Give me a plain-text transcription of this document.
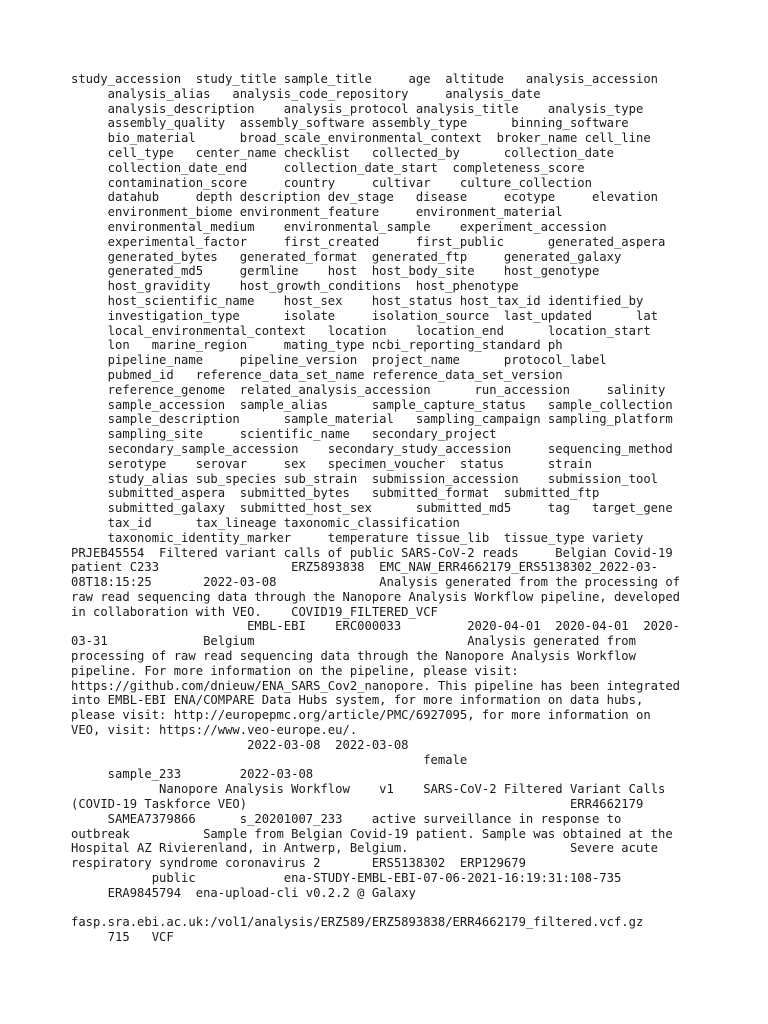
study_accession  study_title sample_title     age  altitude   analysis_accession
analysis_alias   analysis_code_repository     analysis_date
analysis_description    analysis_protocol analysis_title    analysis_type
assembly_quality  assembly_software assembly_type      binning_software
bio_material      broad_scale_environmental_context  broker_name cell_line
cell_type   center_name checklist   collected_by      collection_date
collection_date_end     collection_date_start  completeness_score
contamination_score     country     cultivar    culture_collection
datahub     depth description dev_stage   disease     ecotype     elevation
environment_biome environment_feature     environment_material
environmental_medium    environmental_sample    experiment_accession
experimental_factor     first_created     first_public      generated_aspera
generated_bytes   generated_format  generated_ftp     generated_galaxy
generated_md5     germline    host  host_body_site    host_genotype
host_gravidity    host_growth_conditions  host_phenotype
host_scientific_name    host_sex    host_status host_tax_id identified_by
investigation_type      isolate     isolation_source  last_updated      lat
local_environmental_context   location    location_end      location_start
lon   marine_region     mating_type ncbi_reporting_standard ph
pipeline_name     pipeline_version  project_name      protocol_label
pubmed_id   reference_data_set_name reference_data_set_version
reference_genome  related_analysis_accession      run_accession     salinity
sample_accession  sample_alias      sample_capture_status   sample_collection
sample_description      sample_material   sampling_campaign sampling_platform
sampling_site     scientific_name   secondary_project
secondary_sample_accession    secondary_study_accession     sequencing_method
serotype    serovar     sex   specimen_voucher  status      strain
study_alias sub_species sub_strain  submission_accession    submission_tool
submitted_aspera  submitted_bytes   submitted_format  submitted_ftp
submitted_galaxy  submitted_host_sex      submitted_md5     tag   target_gene
tax_id      tax_lineage taxonomic_classification
taxonomic_identity_marker     temperature tissue_lib  tissue_type variety
PRJEB45554  Filtered variant calls of public SARS-CoV-2 reads     Belgian Covid-19
patient C233                  ERZ5893838  EMC_NAW_ERR4662179_ERS5138302_2022-03-
08T18:15:25       2022-03-08              Analysis generated from the processing of
raw read sequencing data through the Nanopore Analysis Workflow pipeline, developed
in collaboration with VEO.    COVID19_FILTERED_VCF
EMBL-EBI    ERC000033         2020-04-01  2020-04-01  2020-
03-31             Belgium                             Analysis generated from
processing of raw read sequencing data through the Nanopore Analysis Workflow
pipeline. For more information on the pipeline, please visit:
https://github.com/dnieuw/ENA_SARS_Cov2_nanopore. This pipeline has been integrated
into EMBL-EBI ENA/COMPARE Data Hubs system, for more information on data hubs,
please visit: http://europepmc.org/article/PMC/6927095, for more information on
VEO, visit: https://www.veo-europe.eu/.
2022-03-08  2022-03-08
female
sample_233        2022-03-08
Nanopore Analysis Workflow    v1    SARS-CoV-2 Filtered Variant Calls
(COVID-19 Taskforce VEO)                                            ERR4662179
SAMEA7379866      s_20201007_233    active surveillance in response to
outbreak          Sample from Belgian Covid-19 patient. Sample was obtained at the
Hospital AZ Rivierenland, in Antwerp, Belgium.                      Severe acute
respiratory syndrome coronavirus 2       ERS5138302  ERP129679
public            ena-STUDY-EMBL-EBI-07-06-2021-16:19:31:108-735
ERA9845794  ena-upload-cli v0.2.2 @ Galaxy
fasp.sra.ebi.ac.uk:/vol1/analysis/ERZ589/ERZ5893838/ERR4662179_filtered.vcf.gz
715   VCF
